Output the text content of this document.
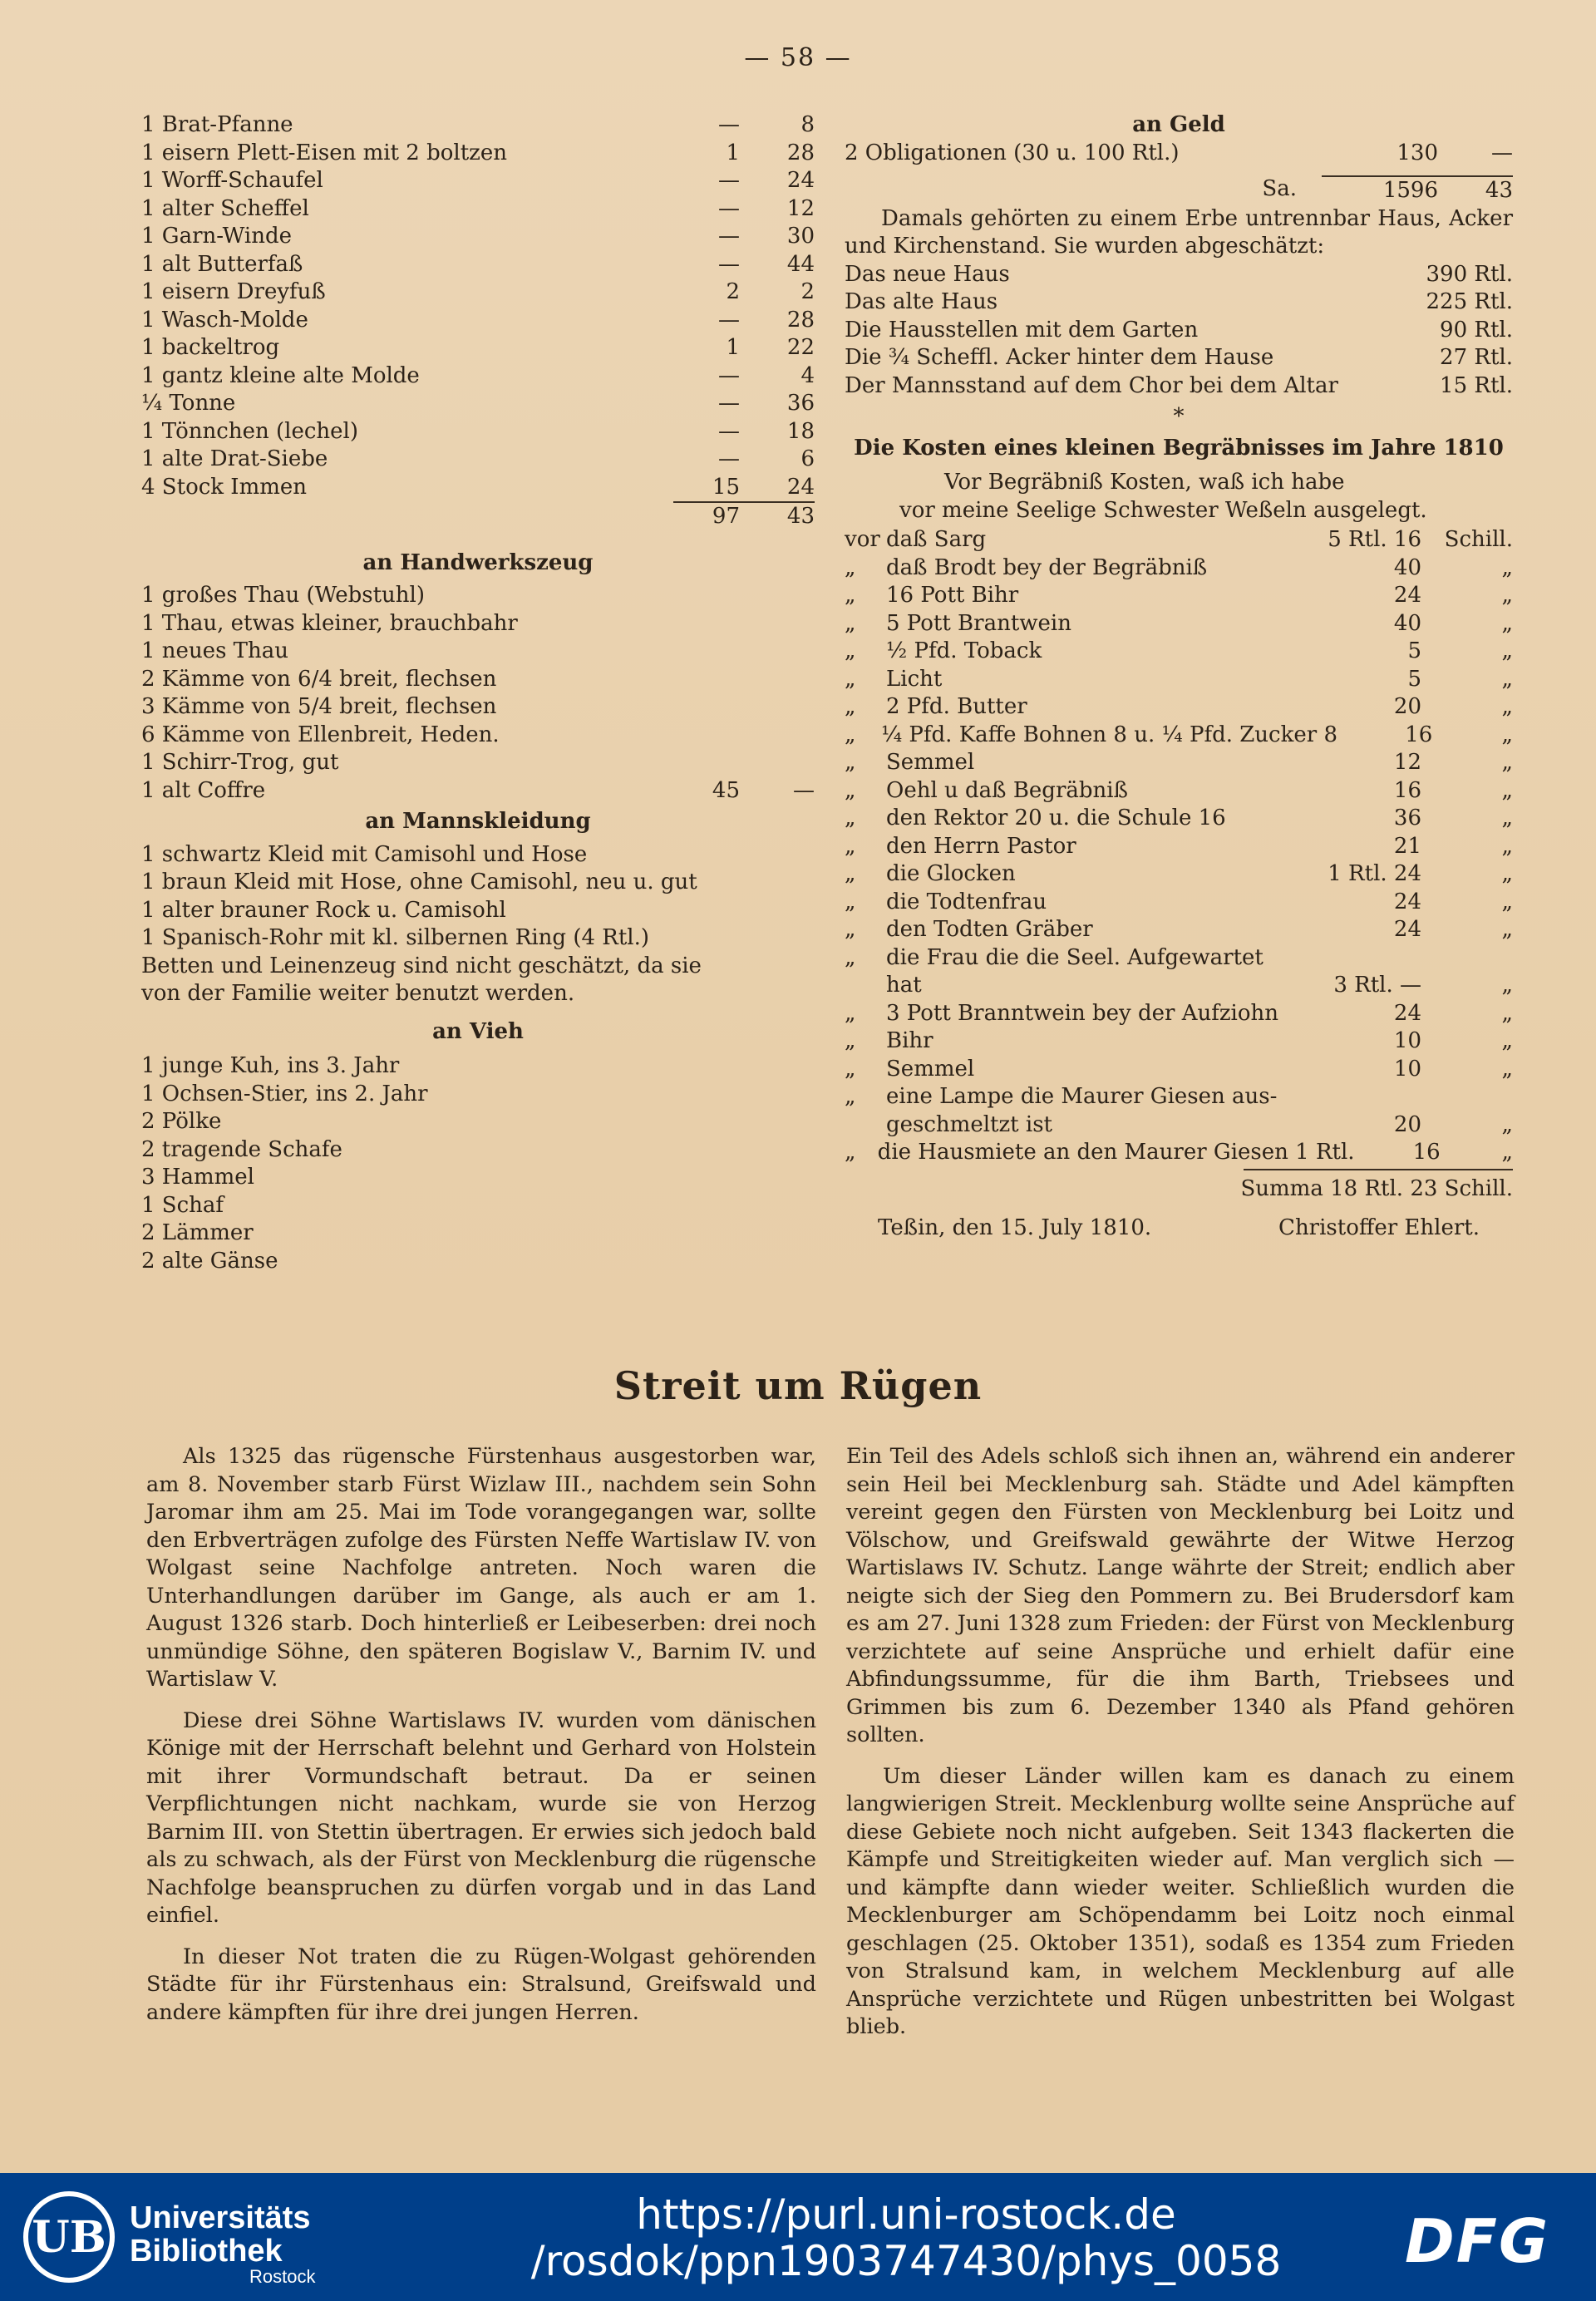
— 58 —
1 Brat-Pfanne	—	8
1 eisern Plett-Eisen mit 2 boltzen	1	28
1 Worff-Schaufel	—	24
1 alter Scheffel	—	12
1 Garn-Winde	—	30
1 alt Butterfaß	—	44
1 eisern Dreyfuß	2	2
1 Wasch-Molde	—	28
1 backeltrog	1	22
1 gantz kleine alte Molde	—	4
¼ Tonne	—	36
1 Tönnchen (lechel)	—	18
1 alte Drat-Siebe	—	6
4 Stock Immen	15	24
97	43
an Handwerkszeug
1 großes Thau (Webstuhl)
1 Thau, etwas kleiner, brauchbahr
1 neues Thau
2 Kämme von 6/4 breit, flechsen
3 Kämme von 5/4 breit, flechsen
6 Kämme von Ellenbreit, Heden.
1 Schirr-Trog, gut
1 alt Coffre	45	—
an Mannskleidung
1 schwartz Kleid mit Camisohl und Hose
1 braun Kleid mit Hose, ohne Camisohl, neu u. gut
1 alter brauner Rock u. Camisohl
1 Spanisch-Rohr mit kl. silbernen Ring (4 Rtl.)
Betten und Leinenzeug sind nicht geschätzt, da sie
von der Familie weiter benutzt werden.
an Vieh
1 junge Kuh, ins 3. Jahr
1 Ochsen-Stier, ins 2. Jahr
2 Pölke
2 tragende Schafe
3 Hammel
1 Schaf
2 Lämmer
2 alte Gänse
an Geld
2 Obligationen (30 u. 100 Rtl.)	130	—
Sa.	1596	43
Damals gehörten zu einem Erbe untrennbar Haus, Acker und Kirchenstand. Sie wurden abgeschätzt:
Das neue Haus	390 Rtl.
Das alte Haus	225 Rtl.
Die Hausstellen mit dem Garten	90 Rtl.
Die ¾ Scheffl. Acker hinter dem Hause	27 Rtl.
Der Mannsstand auf dem Chor bei dem Altar	15 Rtl.
*
Die Kosten eines kleinen Begräbnisses im Jahre 1810
Vor Begräbniß Kosten, waß ich habe
vor meine Seelige Schwester Weßeln ausgelegt.
vor daß Sarg	5 Rtl. 16	Schill.
„	daß Brodt bey der Begräbniß	40	„
„	16 Pott Bihr	24	„
„	5 Pott Brantwein	40	„
„	½ Pfd. Toback	5	„
„	Licht	5	„
„	2 Pfd. Butter	20	„
„	¼ Pfd. Kaffe Bohnen 8 u. ¼ Pfd. Zucker 8	16	„
„	Semmel	12	„
„	Oehl u daß Begräbniß	16	„
„	den Rektor 20 u. die Schule 16	36	„
„	den Herrn Pastor	21	„
„	die Glocken	1 Rtl. 24	„
„	die Todtenfrau	24	„
„	den Todten Gräber	24	„
„	die Frau die die Seel. Aufgewartet
hat	3 Rtl. —	„
„	3 Pott Branntwein bey der Aufziohn	24	„
„	Bihr	10	„
„	Semmel	10	„
„	eine Lampe die Maurer Giesen aus-
geschmeltzt ist	20	„
„	die Hausmiete an den Maurer Giesen 1 Rtl.	16	„
Summa 18 Rtl. 23 Schill.
Teßin, den 15. July 1810.	Christoffer Ehlert.
Streit um Rügen

Als 1325 das rügensche Fürstenhaus ausgestorben war, am 8. November starb Fürst Wizlaw III., nachdem sein Sohn Jaromar ihm am 25. Mai im Tode vorangegangen war, sollte den Erbverträgen zufolge des Fürsten Neffe Wartislaw IV. von Wolgast seine Nachfolge antreten. Noch waren die Unterhandlungen darüber im Gange, als auch er am 1. August 1326 starb. Doch hinterließ er Leibeserben: drei noch unmündige Söhne, den späteren Bogislaw V., Barnim IV. und Wartislaw V.

Diese drei Söhne Wartislaws IV. wurden vom dänischen Könige mit der Herrschaft belehnt und Gerhard von Holstein mit ihrer Vormundschaft betraut. Da er seinen Verpflichtungen nicht nachkam, wurde sie von Herzog Barnim III. von Stettin übertragen. Er erwies sich jedoch bald als zu schwach, als der Fürst von Mecklenburg die rügensche Nachfolge beanspruchen zu dürfen vorgab und in das Land einfiel.

In dieser Not traten die zu Rügen-Wolgast gehörenden Städte für ihr Fürstenhaus ein: Stralsund, Greifswald und andere kämpften für ihre drei jungen Herren.

Ein Teil des Adels schloß sich ihnen an, während ein anderer sein Heil bei Mecklenburg sah. Städte und Adel kämpften vereint gegen den Fürsten von Mecklenburg bei Loitz und Völschow, und Greifswald gewährte der Witwe Herzog Wartislaws IV. Schutz. Lange währte der Streit; endlich aber neigte sich der Sieg den Pommern zu. Bei Brudersdorf kam es am 27. Juni 1328 zum Frieden: der Fürst von Mecklenburg verzichtete auf seine Ansprüche und erhielt dafür eine Abfindungssumme, für die ihm Barth, Triebsees und Grimmen bis zum 6. Dezember 1340 als Pfand gehören sollten.

Um dieser Länder willen kam es danach zu einem langwierigen Streit. Mecklenburg wollte seine Ansprüche auf diese Gebiete noch nicht aufgeben. Seit 1343 flackerten die Kämpfe und Streitigkeiten wieder auf. Man verglich sich — und kämpfte dann wieder weiter. Schließlich wurden die Mecklenburger am Schöpendamm bei Loitz noch einmal geschlagen (25. Oktober 1351), sodaß es 1354 zum Frieden von Stralsund kam, in welchem Mecklenburg auf alle Ansprüche verzichtete und Rügen unbestritten bei Wolgast blieb.

UB Universitäts
Bibliothek
Rostock
https://purl.uni-rostock.de
/rosdok/ppn1903747430/phys_0058	DFG
